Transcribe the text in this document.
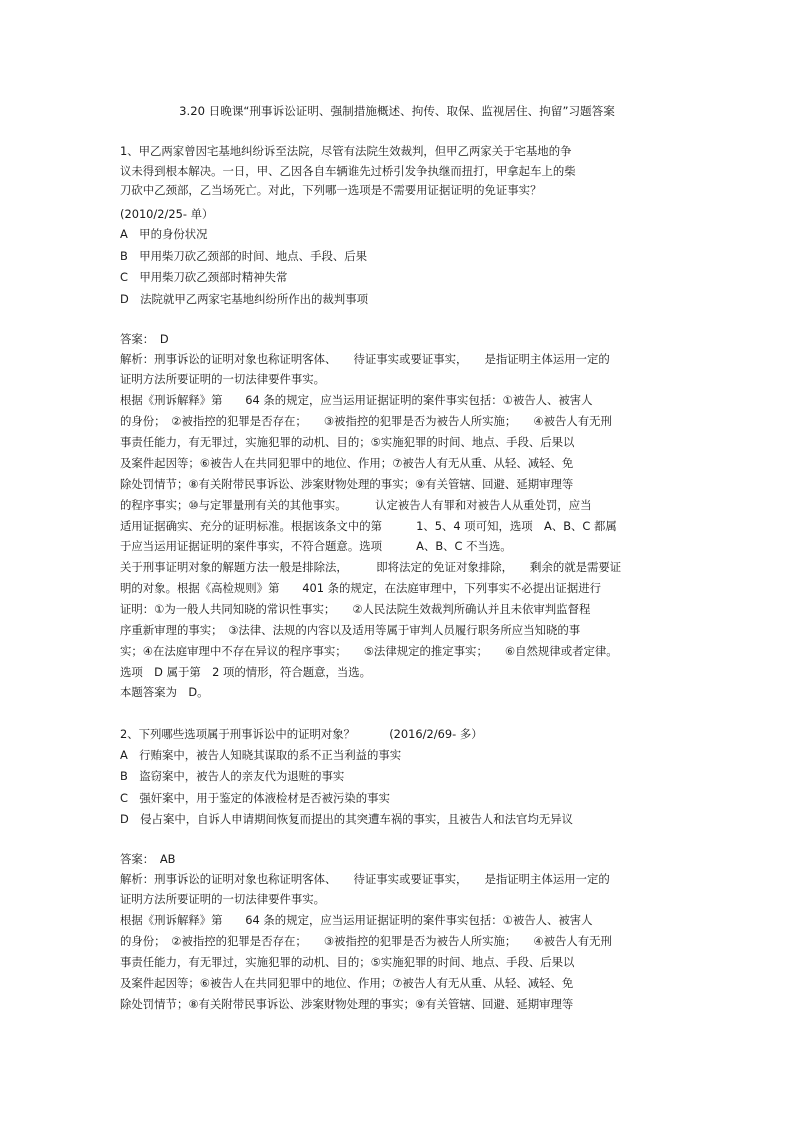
3.20 日晚课“刑事诉讼证明、强制措施概述、拘传、取保、监视居住、拘留”习题答案
1、甲乙两家曾因宅基地纠纷诉至法院，尽管有法院生效裁判，但甲乙两家关于宅基地的争
议未得到根本解决。一日，甲、乙因各自车辆谁先过桥引发争执继而扭打，甲拿起车上的柴
刀砍中乙颈部，乙当场死亡。对此，下列哪一选项是不需要用证据证明的免证事实？
(2010/2/25- 单）
A　甲的身份状况
B　甲用柴刀砍乙颈部的时间、地点、手段、后果
C　甲用柴刀砍乙颈部时精神失常
D　法院就甲乙两家宅基地纠纷所作出的裁判事项
答案：　D
解析：刑事诉讼的证明对象也称证明客体、　　待证事实或要证事实，　　是指证明主体运用一定的
证明方法所要证明的一切法律要件事实。
根据《刑诉解释》第　　64 条的规定，应当运用证据证明的案件事实包括：①被告人、被害人
的身份；　②被指控的犯罪是否存在；　　③被指控的犯罪是否为被告人所实施；　　④被告人有无刑
事责任能力，有无罪过，实施犯罪的动机、目的；⑤实施犯罪的时间、地点、手段、后果以
及案件起因等；⑥被告人在共同犯罪中的地位、作用；⑦被告人有无从重、从轻、减轻、免
除处罚情节；⑧有关附带民事诉讼、涉案财物处理的事实；⑨有关管辖、回避、延期审理等
的程序事实；⑩与定罪量刑有关的其他事实。　　　认定被告人有罪和对被告人从重处罚，应当
适用证据确实、充分的证明标准。根据该条文中的第　　　1、5、4 项可知，选项　A、B、C 都属
于应当运用证据证明的案件事实，不符合题意。选项　　　A、B、C 不当选。
关于刑事证明对象的解题方法一般是排除法，　　　即将法定的免证对象排除，　　剩余的就是需要证
明的对象。根据《高检规则》第　　401 条的规定，在法庭审理中，下列事实不必提出证据进行
证明：①为一般人共同知晓的常识性事实；　　②人民法院生效裁判所确认并且未依审判监督程
序重新审理的事实；　③法律、法规的内容以及适用等属于审判人员履行职务所应当知晓的事
实；④在法庭审理中不存在异议的程序事实；　　⑤法律规定的推定事实；　　⑥自然规律或者定律。
选项　D 属于第　2 项的情形，符合题意，当选。
本题答案为　D。
2、下列哪些选项属于刑事诉讼中的证明对象？　　　(2016/2/69- 多）
A　行贿案中，被告人知晓其谋取的系不正当利益的事实
B　盗窃案中，被告人的亲友代为退赃的事实
C　强奸案中，用于鉴定的体液检材是否被污染的事实
D　侵占案中，自诉人申请期间恢复而提出的其突遭车祸的事实，且被告人和法官均无异议
答案：　AB
解析：刑事诉讼的证明对象也称证明客体、　　待证事实或要证事实，　　是指证明主体运用一定的
证明方法所要证明的一切法律要件事实。
根据《刑诉解释》第　　64 条的规定，应当运用证据证明的案件事实包括：①被告人、被害人
的身份；　②被指控的犯罪是否存在；　　③被指控的犯罪是否为被告人所实施；　　④被告人有无刑
事责任能力，有无罪过，实施犯罪的动机、目的；⑤实施犯罪的时间、地点、手段、后果以
及案件起因等；⑥被告人在共同犯罪中的地位、作用；⑦被告人有无从重、从轻、减轻、免
除处罚情节；⑧有关附带民事诉讼、涉案财物处理的事实；⑨有关管辖、回避、延期审理等
